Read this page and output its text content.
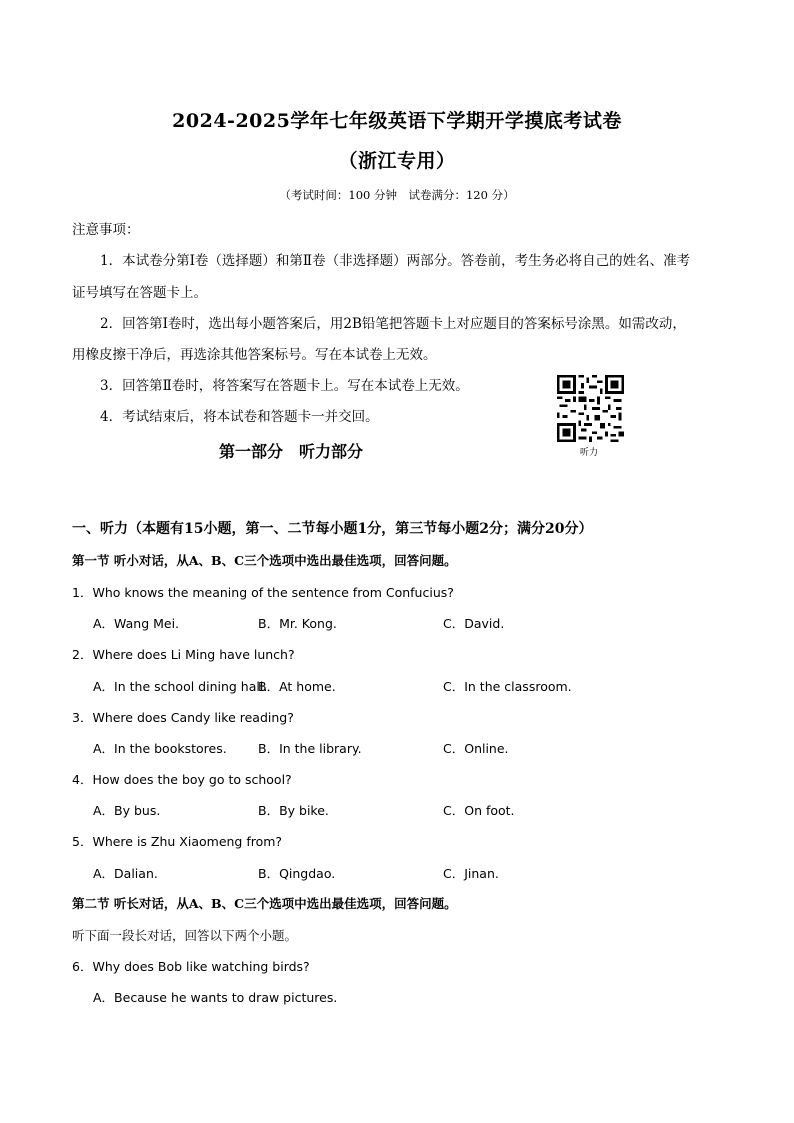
2024-2025学年七年级英语下学期开学摸底考试卷
（浙江专用）
（考试时间：100 分钟　试卷满分：120 分）
注意事项：
1．本试卷分第Ⅰ卷（选择题）和第Ⅱ卷（非选择题）两部分。答卷前，考生务必将自己的姓名、准考
证号填写在答题卡上。
2．回答第Ⅰ卷时，选出每小题答案后，用2B铅笔把答题卡上对应题目的答案标号涂黑。如需改动，
用橡皮擦干净后，再选涂其他答案标号。写在本试卷上无效。
3．回答第Ⅱ卷时，将答案写在答题卡上。写在本试卷上无效。
4．考试结束后，将本试卷和答题卡一并交回。
听力
第一部分　听力部分
一、听力（本题有15小题，第一、二节每小题1分，第三节每小题2分；满分20分）
第一节 听小对话，从A、B、C三个选项中选出最佳选项，回答问题。
1．Who knows the meaning of the sentence from Confucius?
A．Wang Mei.	B．Mr. Kong.	C．David.
2．Where does Li Ming have lunch?
A．In the school dining hall.
B．At home.	C．In the classroom.
3．Where does Candy like reading?
A．In the bookstores.	B．In the library.	C．Online.
4．How does the boy go to school?
A．By bus.	B．By bike.	C．On foot.
5．Where is Zhu Xiaomeng from?
A．Dalian.	B．Qingdao.	C．Jinan.
第二节 听长对话，从A、B、C三个选项中选出最佳选项，回答问题。
听下面一段长对话，回答以下两个小题。
6．Why does Bob like watching birds?
A．Because he wants to draw pictures.
